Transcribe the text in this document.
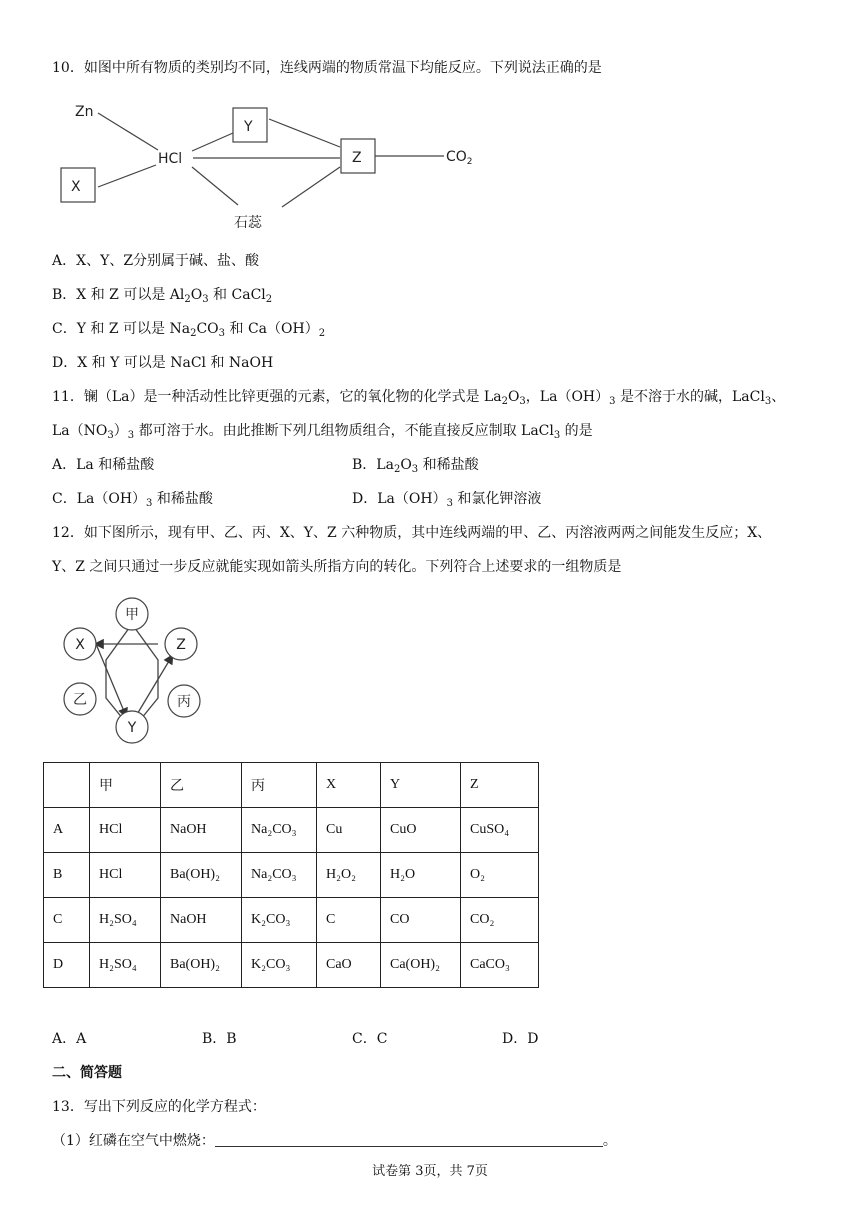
10．如图中所有物质的类别均不同，连线两端的物质常温下均能反应。下列说法正确的是
Zn
X
HCl
Y
Z	$CO_2$
石蕊
A．X、Y、Z分别属于碱、盐、酸
B．X 和 Z 可以是 $Al_2O_3$ 和 CaCl$_2$
C．Y 和 Z 可以是 $Na_2CO_3$ 和 $Ca(OH)_2$
D．X 和 Y 可以是 NaCl 和 NaOH
11．镧（La）是一种活动性比锌更强的元素，它的氧化物的化学式是 $La_2O_3$，$La(OH)_3$ 是不溶于水的碱，LaCl$_3$、
$La(NO_3)_3$ 都可溶于水。由此推断下列几组物质组合，不能直接反应制取 LaCl$_3$ 的是
A．La 和稀盐酸	B．$La_2O_3$ 和稀盐酸
C．$La(OH)_3$ 和稀盐酸	D．$La(OH)_3$ 和氯化钾溶液
12．如下图所示，现有甲、乙、丙、X、Y、Z 六种物质，其中连线两端的甲、乙、丙溶液两两之间能发生反应；X、
Y、Z 之间只通过一步反应就能实现如箭头所指方向的转化。下列符合上述要求的一组物质是
甲
Z
丙
Y
乙
X
	甲	乙	丙	X	Y	Z
A	HCl	NaOH	Na₂CO₃	Cu	CuO	CuSO₄
B	HCl	Ba(OH)₂	Na₂CO₃	H₂O₂	H₂O	O₂
C	H₂SO₄	NaOH	K₂CO₃	C	CO	CO₂
D	H₂SO₄	Ba(OH)₂	K₂CO₃	CaO	Ca(OH)₂	CaCO₃
A．A	B．B	C．C	D．D
二、简答题
13．写出下列反应的化学方程式：
（1）红磷在空气中燃烧：	。
试卷第 3页，共 7页
